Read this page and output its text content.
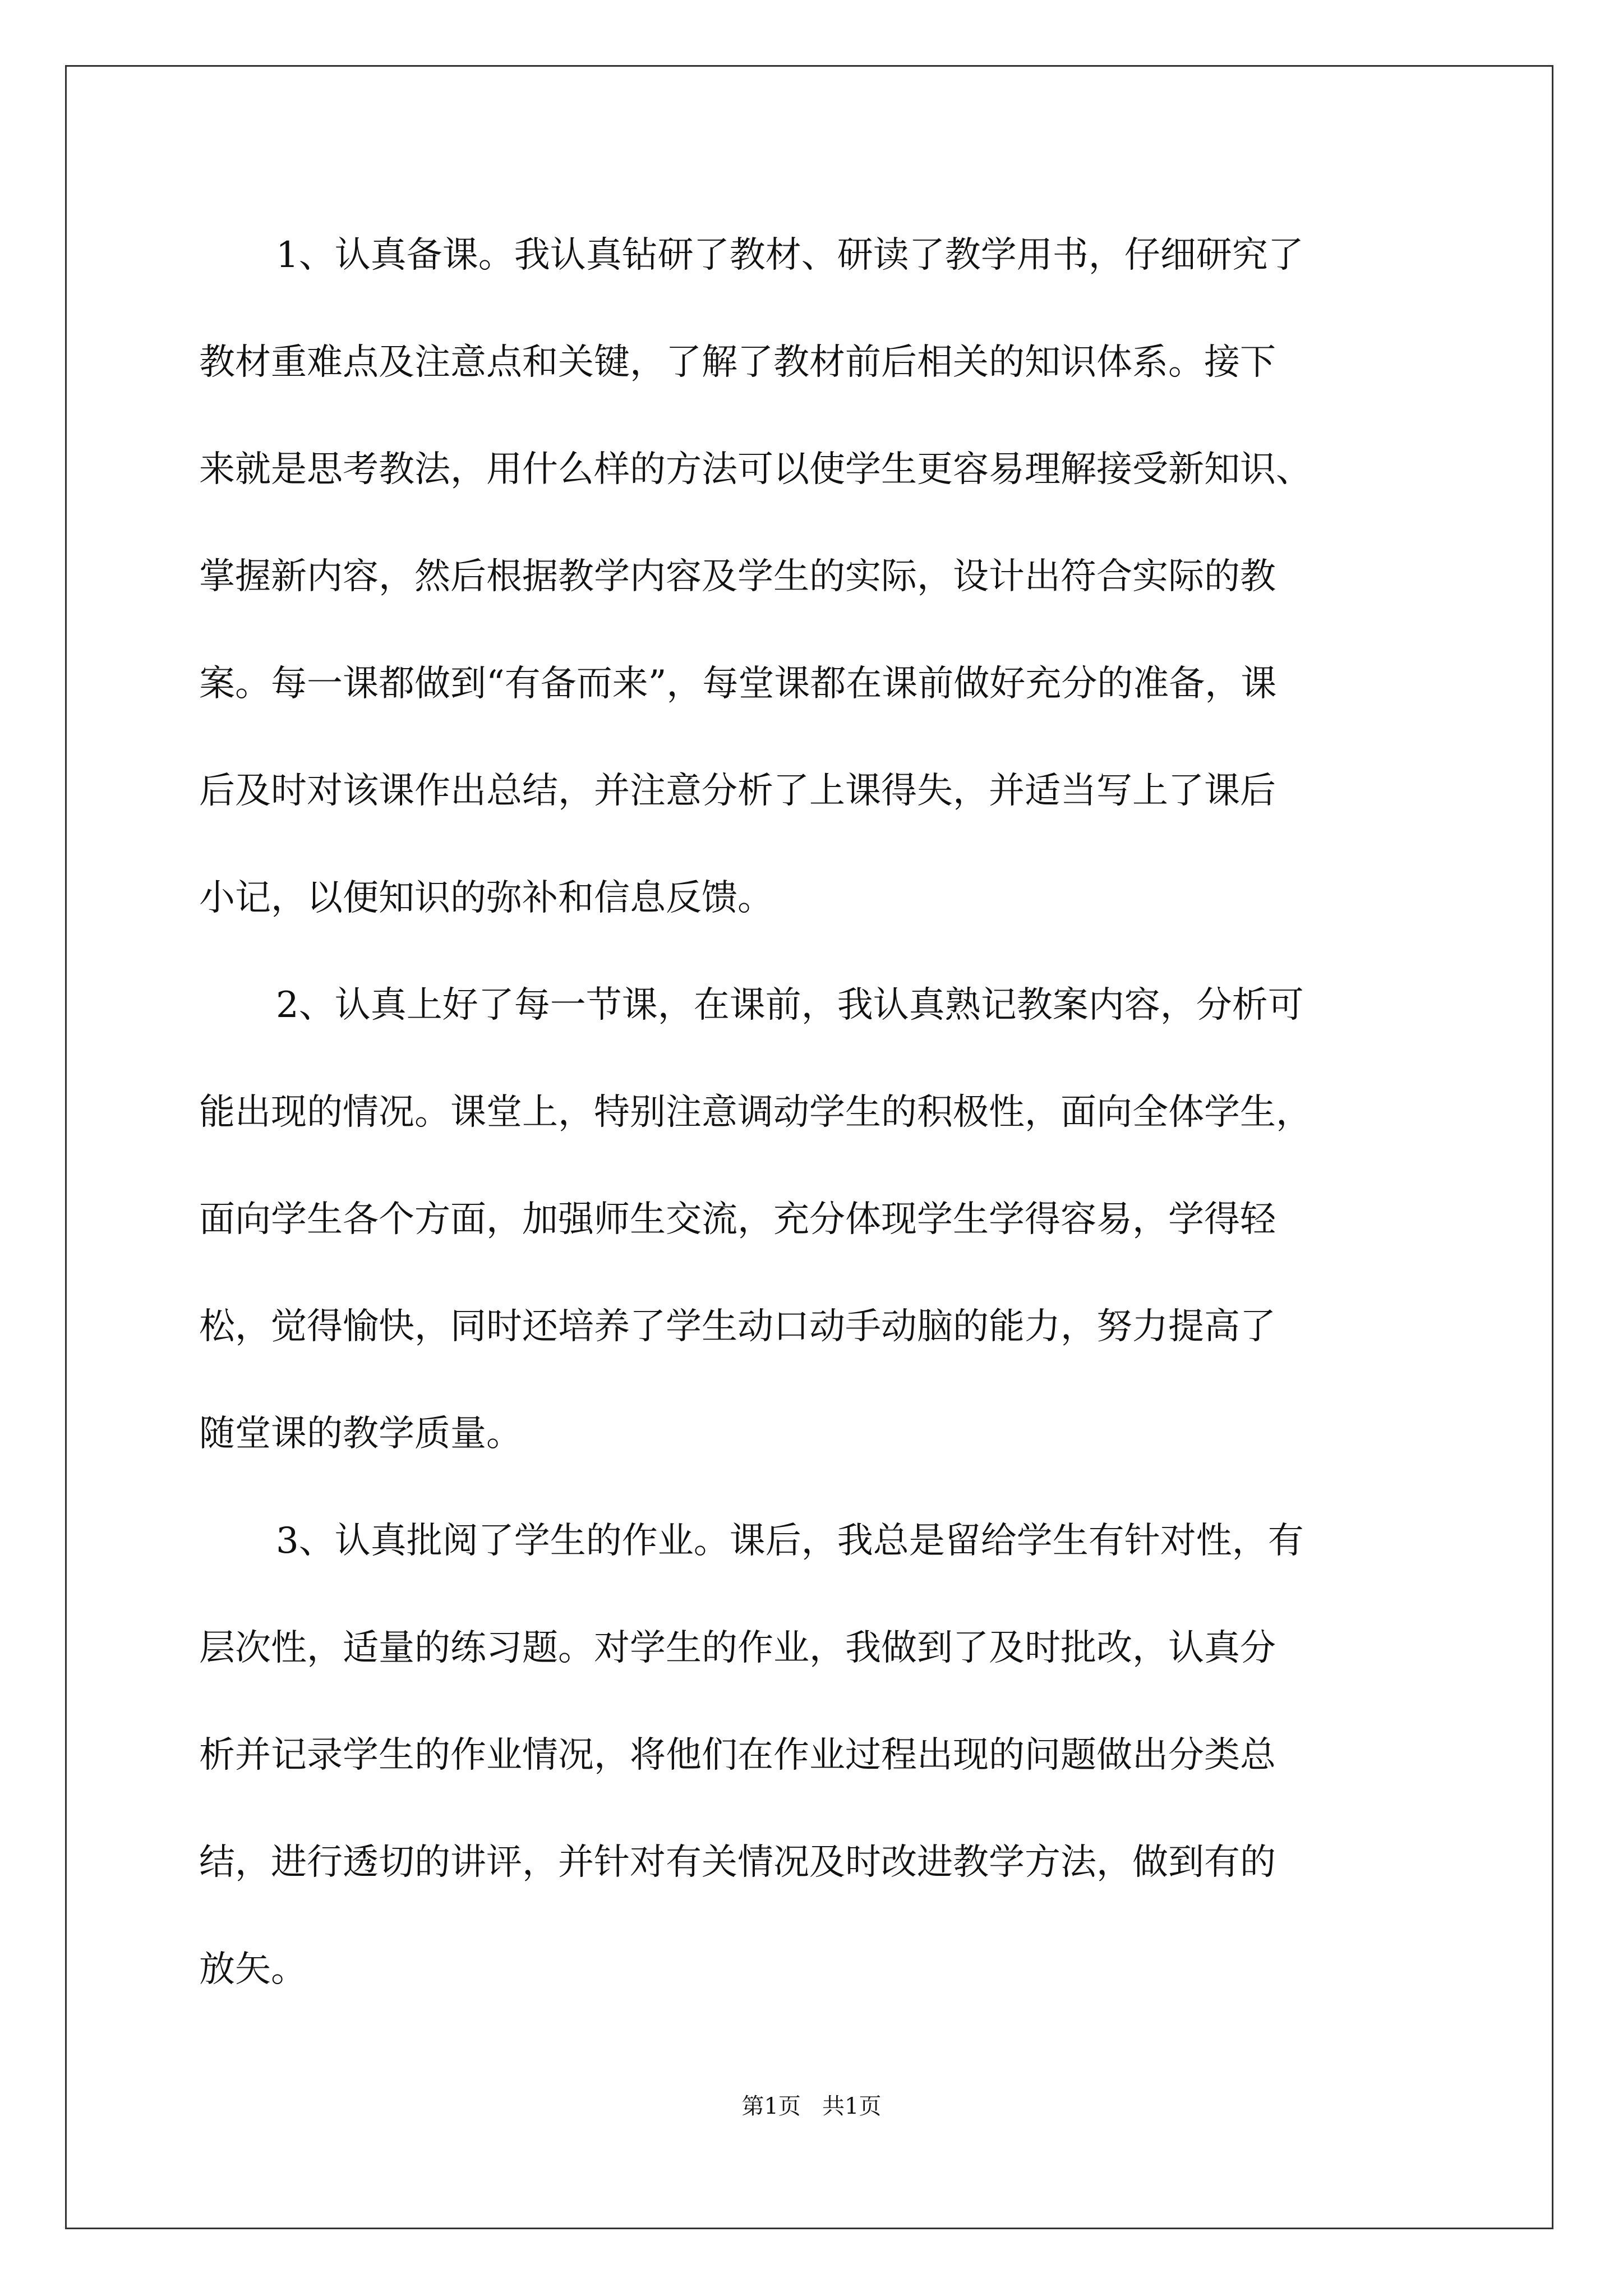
1、认真备课。我认真钻研了教材、研读了教学用书，仔细研究了
教材重难点及注意点和关键，了解了教材前后相关的知识体系。接下
来就是思考教法，用什么样的方法可以使学生更容易理解接受新知识、
掌握新内容，然后根据教学内容及学生的实际，设计出符合实际的教
案。每一课都做到“有备而来”，每堂课都在课前做好充分的准备，课
后及时对该课作出总结，并注意分析了上课得失，并适当写上了课后
小记，以便知识的弥补和信息反馈。
2、认真上好了每一节课，在课前，我认真熟记教案内容，分析可
能出现的情况。课堂上，特别注意调动学生的积极性，面向全体学生，
面向学生各个方面，加强师生交流，充分体现学生学得容易，学得轻
松，觉得愉快，同时还培养了学生动口动手动脑的能力，努力提高了
随堂课的教学质量。
3、认真批阅了学生的作业。课后，我总是留给学生有针对性，有
层次性，适量的练习题。对学生的作业，我做到了及时批改，认真分
析并记录学生的作业情况，将他们在作业过程出现的问题做出分类总
结，进行透切的讲评，并针对有关情况及时改进教学方法，做到有的
放矢。
第1页   共1页
